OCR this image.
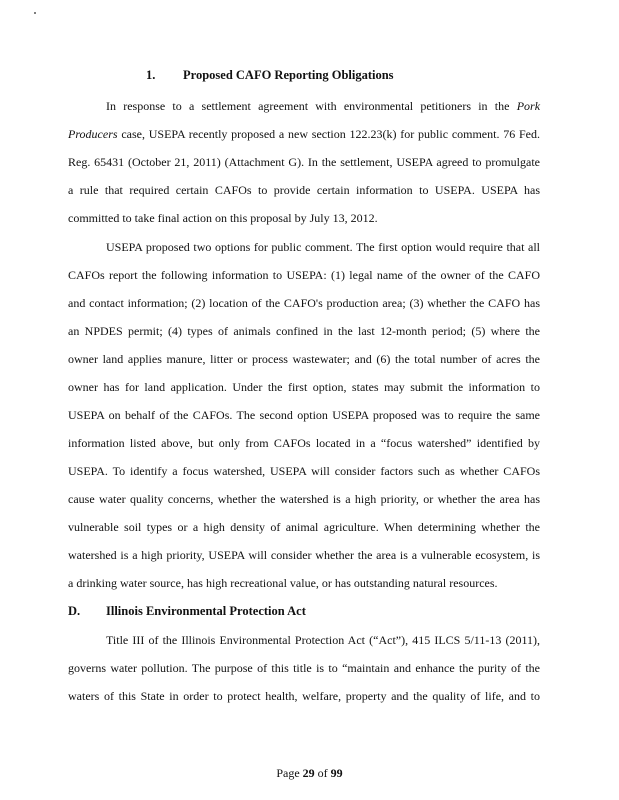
1. Proposed CAFO Reporting Obligations
In response to a settlement agreement with environmental petitioners in the Pork
Producers case, USEPA recently proposed a new section 122.23(k) for public comment. 76 Fed.
Reg. 65431 (October 21, 2011) (Attachment G). In the settlement, USEPA agreed to promulgate
a rule that required certain CAFOs to provide certain information to USEPA. USEPA has
committed to take final action on this proposal by July 13, 2012.
USEPA proposed two options for public comment. The first option would require that all
CAFOs report the following information to USEPA: (1) legal name of the owner of the CAFO
and contact information; (2) location of the CAFO's production area; (3) whether the CAFO has
an NPDES permit; (4) types of animals confined in the last 12-month period; (5) where the
owner land applies manure, litter or process wastewater; and (6) the total number of acres the
owner has for land application. Under the first option, states may submit the information to
USEPA on behalf of the CAFOs. The second option USEPA proposed was to require the same
information listed above, but only from CAFOs located in a “focus watershed” identified by
USEPA. To identify a focus watershed, USEPA will consider factors such as whether CAFOs
cause water quality concerns, whether the watershed is a high priority, or whether the area has
vulnerable soil types or a high density of animal agriculture. When determining whether the
watershed is a high priority, USEPA will consider whether the area is a vulnerable ecosystem, is
a drinking water source, has high recreational value, or has outstanding natural resources.
D. Illinois Environmental Protection Act
Title III of the Illinois Environmental Protection Act (“Act”), 415 ILCS 5/11-13 (2011),
governs water pollution. The purpose of this title is to “maintain and enhance the purity of the
waters of this State in order to protect health, welfare, property and the quality of life, and to
Page 29 of 99
